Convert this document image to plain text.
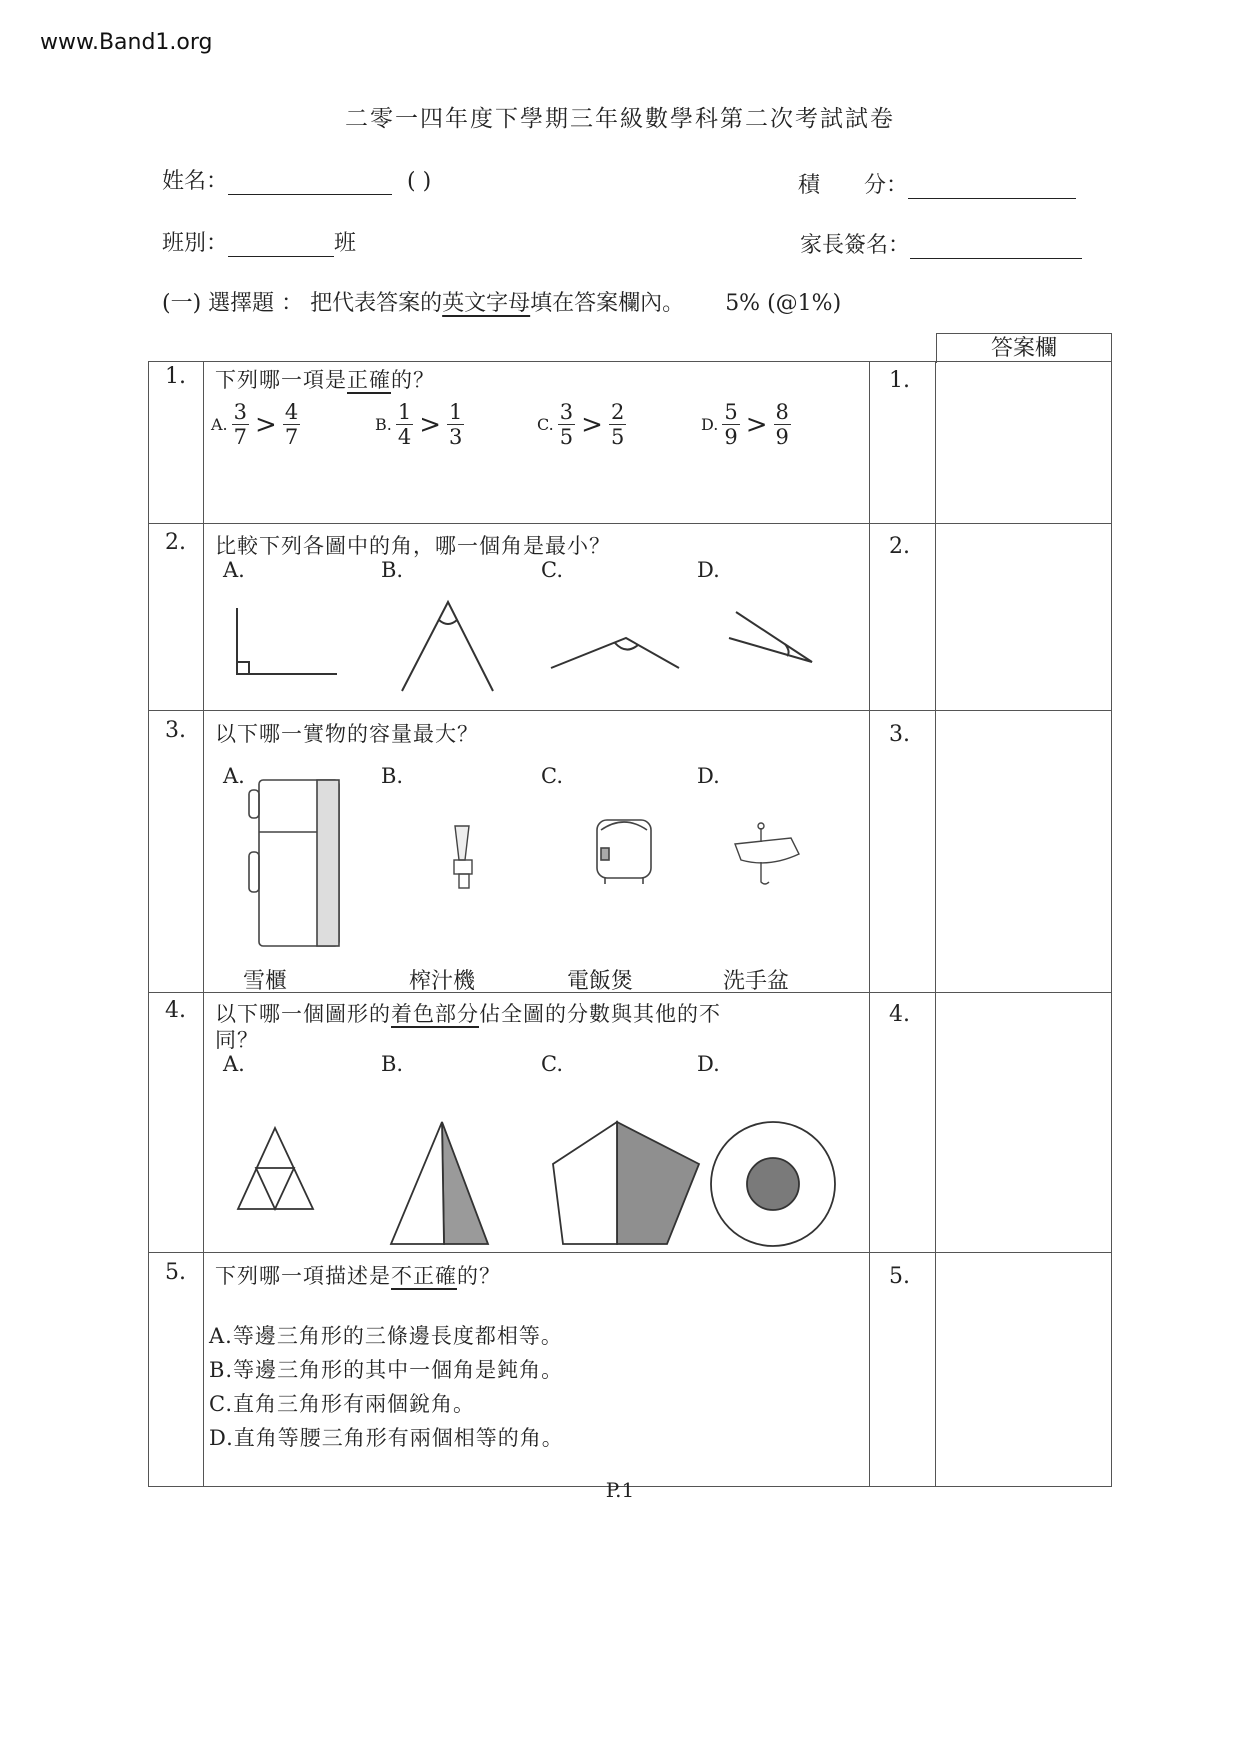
www.Band1.org
二零一四年度下學期三年級數學科第二次考試試卷
姓名：	( )	積　　分：
班別：	班	家長簽名：
(一) 選擇題 ： 把代表答案的英文字母填在答案欄內。 5% (@1%)
答案欄
1.	1.
下列哪一項是正確的？
A. $\frac{3}{7} > \frac{4}{7}$	B. $\frac{1}{4} > \frac{1}{3}$	C. $\frac{3}{5} > \frac{2}{5}$	D. $\frac{5}{9} > \frac{8}{9}$
2.	2.
比較下列各圖中的角，哪一個角是最小？
A.	B.	C.	D.
3.	3.
以下哪一實物的容量最大？
A.	B.	C.	D.
雪櫃	榨汁機	電飯煲	洗手盆
4.	4.
以下哪一個圖形的着色部分佔全圖的分數與其他的不
同？
A.	B.	C.	D.
5.	5.
下列哪一項描述是不正確的？
A.等邊三角形的三條邊長度都相等。
B.等邊三角形的其中一個角是鈍角。
C.直角三角形有兩個銳角。
D.直角等腰三角形有兩個相等的角。
P.1
